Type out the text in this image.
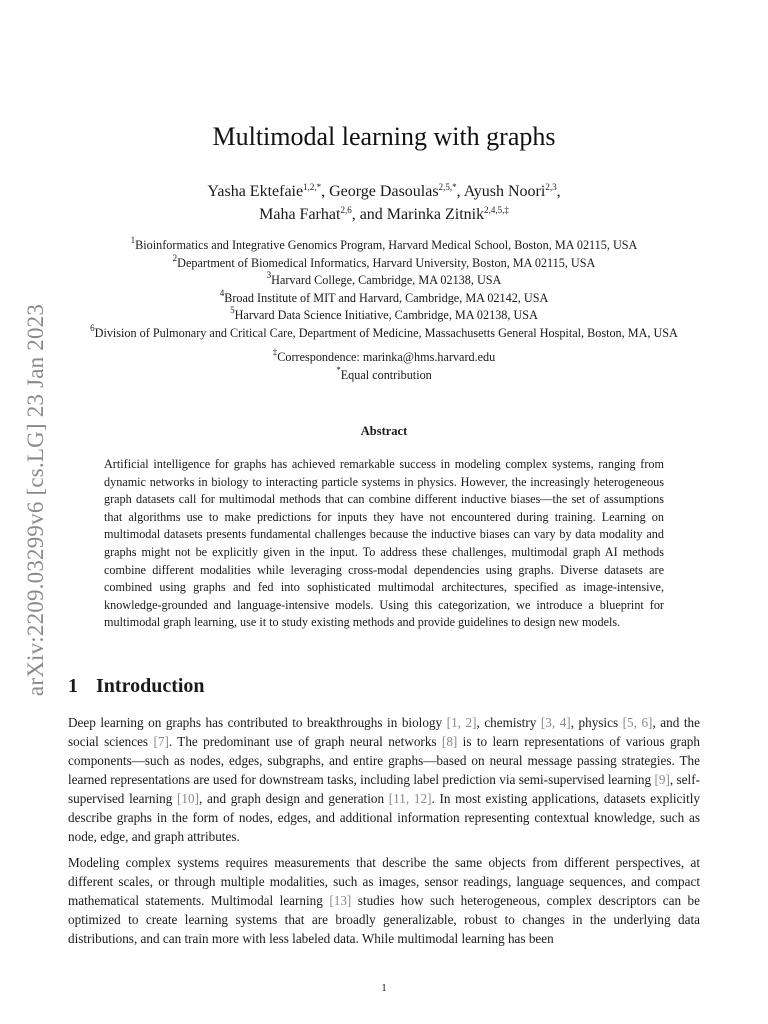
arXiv:2209.03299v6 [cs.LG] 23 Jan 2023
Multimodal learning with graphs
Yasha Ektefaie$^{1,2,*}$, George Dasoulas$^{2,5,*}$, Ayush Noori$^{2,3}$,
Maha Farhat$^{2,6}$, and Marinka Zitnik$^{2,4,5,\ddagger}$
$^1$Bioinformatics and Integrative Genomics Program, Harvard Medical School, Boston, MA 02115, USA
$^2$Department of Biomedical Informatics, Harvard University, Boston, MA 02115, USA
$^3$Harvard College, Cambridge, MA 02138, USA
$^4$Broad Institute of MIT and Harvard, Cambridge, MA 02142, USA
$^5$Harvard Data Science Initiative, Cambridge, MA 02138, USA
$^6$Division of Pulmonary and Critical Care, Department of Medicine, Massachusetts General Hospital, Boston, MA, USA
‡Correspondence: marinka@hms.harvard.edu
*Equal contribution
Abstract
Artificial intelligence for graphs has achieved remarkable success in modeling complex systems, ranging from dynamic networks in biology to interacting particle systems in physics. However, the increasingly heterogeneous graph datasets call for multimodal methods that can combine different inductive biases—the set of assumptions that algorithms use to make predictions for inputs they have not encountered during training. Learning on multimodal datasets presents fundamental challenges because the inductive biases can vary by data modality and graphs might not be explicitly given in the input. To address these challenges, multimodal graph AI methods combine different modalities while leveraging cross-modal dependencies using graphs. Diverse datasets are combined using graphs and fed into sophisticated multimodal architectures, specified as image-intensive, knowledge-grounded and language-intensive models. Using this categorization, we introduce a blueprint for multimodal graph learning, use it to study existing methods and provide guidelines to design new models.
1 Introduction
Deep learning on graphs has contributed to breakthroughs in biology [1, 2], chemistry [3, 4], physics [5, 6], and the social sciences [7]. The predominant use of graph neural networks [8] is to learn representations of various graph components—such as nodes, edges, subgraphs, and entire graphs—based on neural message passing strategies. The learned representations are used for downstream tasks, including label prediction via semi-supervised learning [9], self-supervised learning [10], and graph design and generation [11, 12]. In most existing applications, datasets explicitly describe graphs in the form of nodes, edges, and additional information representing contextual knowledge, such as node, edge, and graph attributes.
Modeling complex systems requires measurements that describe the same objects from different perspectives, at different scales, or through multiple modalities, such as images, sensor readings, language sequences, and compact mathematical statements. Multimodal learning [13] studies how such heterogeneous, complex descriptors can be optimized to create learning systems that are broadly generalizable, robust to changes in the underlying data distributions, and can train more with less labeled data. While multimodal learning has been
1
